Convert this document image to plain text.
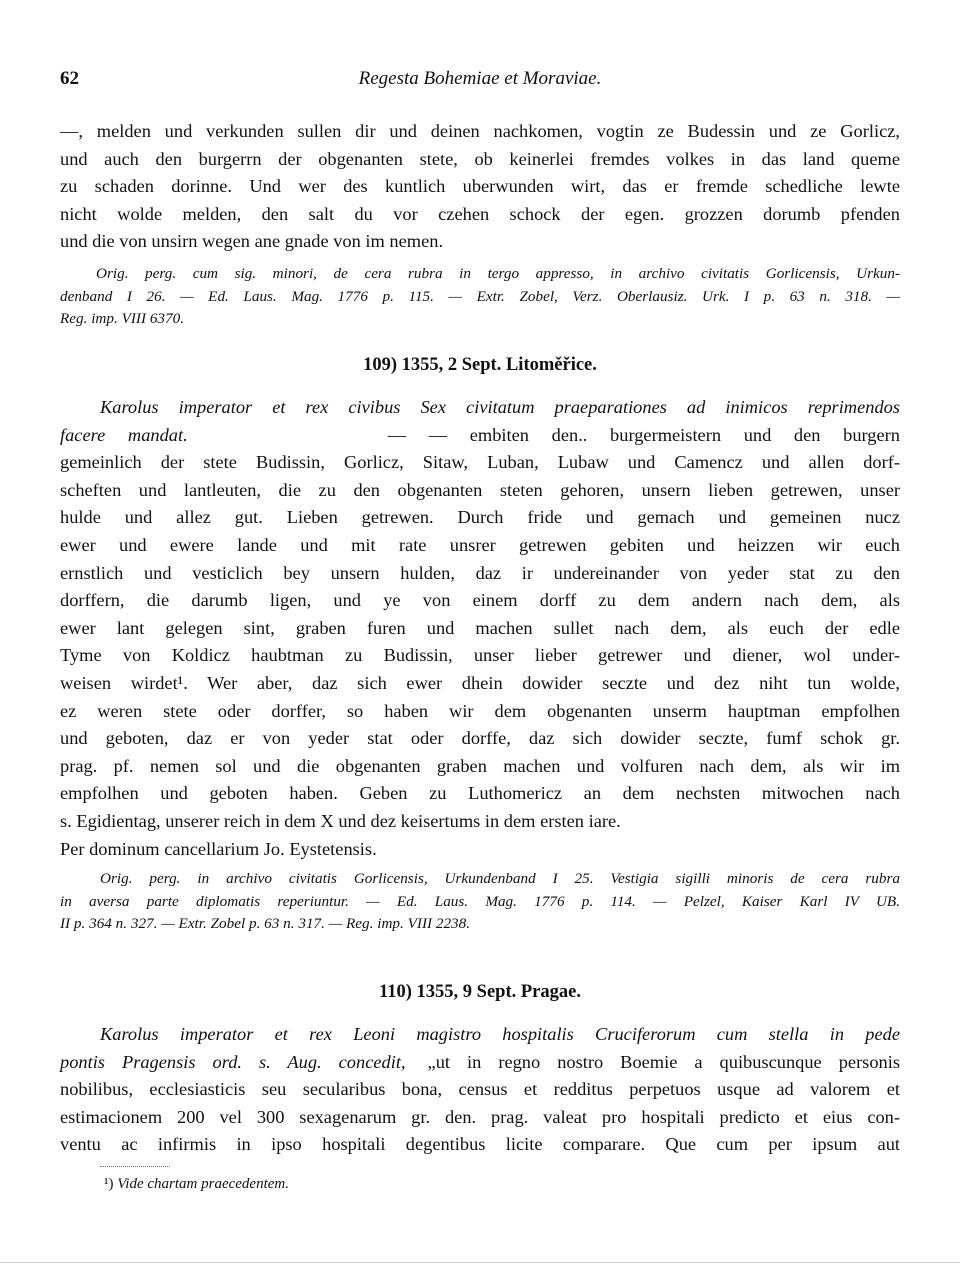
62	Regesta Bohemiae et Moraviae.

—, melden und verkunden sullen dir und deinen nachkomen, vogtin ze Budessin und ze Gorlicz,
und auch den burgerrn der obgenanten stete, ob keinerlei fremdes volkes in das land queme
zu schaden dorinne. Und wer des kuntlich uberwunden wirt, das er fremde schedliche lewte
nicht wolde melden, den salt du vor czehen schock der egen. grozzen dorumb pfenden
und die von unsirn wegen ane gnade von im nemen.

Orig. perg. cum sig. minori, de cera rubra in tergo appresso, in archivo civitatis Gorlicensis, Urkun-
denband I 26. — Ed. Laus. Mag. 1776 p. 115. — Extr. Zobel, Verz. Oberlausiz. Urk. I p. 63 n. 318. —
Reg. imp. VIII 6370.

109) 1355, 2 Sept. Litoměřice.

Karolus imperator et rex civibus Sex civitatum praeparationes ad inimicos reprimendos
facere mandat.	— — embiten den.. burgermeistern und den burgern
gemeinlich der stete Budissin, Gorlicz, Sitaw, Luban, Lubaw und Camencz und allen dorf-
scheften und lantleuten, die zu den obgenanten steten gehoren, unsern lieben getrewen, unser
hulde und allez gut. Lieben getrewen. Durch fride und gemach und gemeinen nucz
ewer und ewere lande und mit rate unsrer getrewen gebiten und heizzen wir euch
ernstlich und vesticlich bey unsern hulden, daz ir undereinander von yeder stat zu den
dorffern, die darumb ligen, und ye von einem dorff zu dem andern nach dem, als
ewer lant gelegen sint, graben furen und machen sullet nach dem, als euch der edle
Tyme von Koldicz haubtman zu Budissin, unser lieber getrewer und diener, wol under-
weisen wirdet¹. Wer aber, daz sich ewer dhein dowider seczte und dez niht tun wolde,
ez weren stete oder dorffer, so haben wir dem obgenanten unserm hauptman empfolhen
und geboten, daz er von yeder stat oder dorffe, daz sich dowider seczte, fumf schok gr.
prag. pf. nemen sol und die obgenanten graben machen und volfuren nach dem, als wir im
empfolhen und geboten haben. Geben zu Luthomericz an dem nechsten mitwochen nach
s. Egidientag, unserer reich in dem X und dez keisertums in dem ersten iare.
Per dominum cancellarium Jo. Eystetensis.

Orig. perg. in archivo civitatis Gorlicensis, Urkundenband I 25. Vestigia sigilli minoris de cera rubra
in aversa parte diplomatis reperiuntur. — Ed. Laus. Mag. 1776 p. 114. — Pelzel, Kaiser Karl IV UB.
II p. 364 n. 327. — Extr. Zobel p. 63 n. 317. — Reg. imp. VIII 2238.

110) 1355, 9 Sept. Pragae.

Karolus imperator et rex Leoni magistro hospitalis Cruciferorum cum stella in pede
pontis Pragensis ord. s. Aug. concedit, „ut in regno nostro Boemie a quibuscunque personis
nobilibus, ecclesiasticis seu secularibus bona, census et redditus perpetuos usque ad valorem et
estimacionem 200 vel 300 sexagenarum gr. den. prag. valeat pro hospitali predicto et eius con-
ventu ac infirmis in ipso hospitali degentibus licite comparare. Que cum per ipsum aut

¹) Vide chartam praecedentem.
